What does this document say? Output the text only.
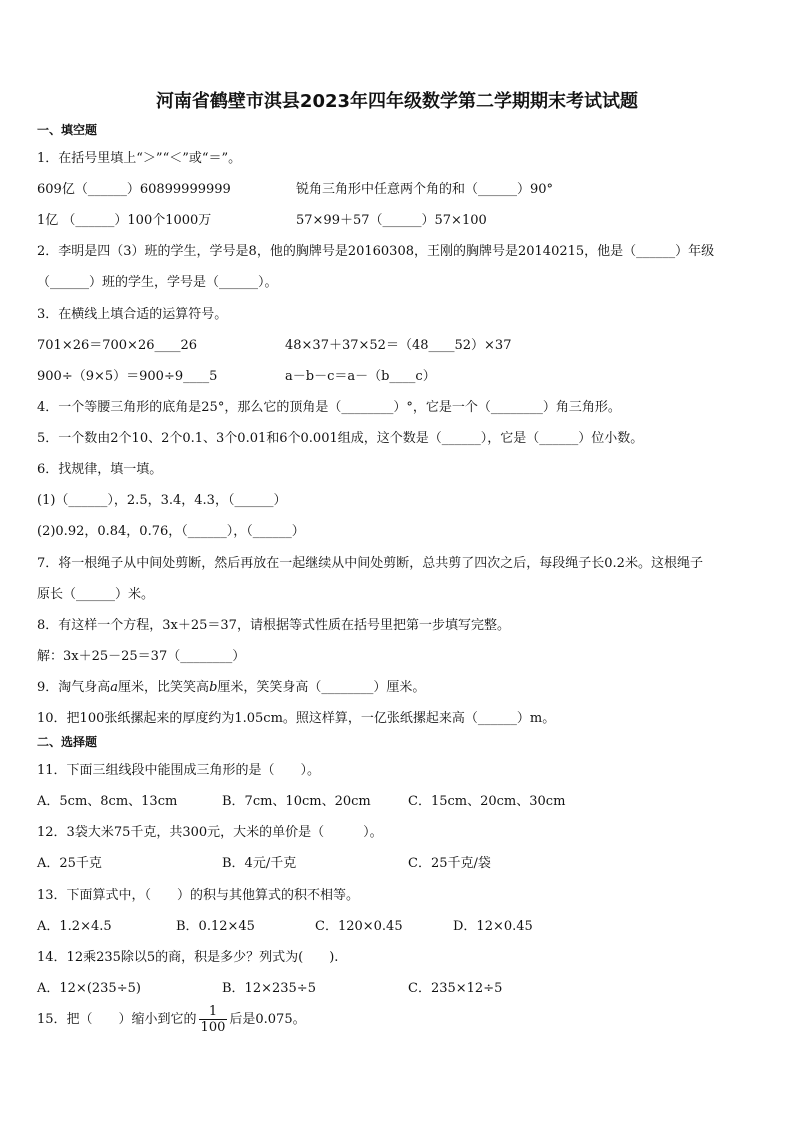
河南省鹤壁市淇县2023年四年级数学第二学期期末考试试题
一、填空题
1．在括号里填上“＞”“＜”或“＝”。
609亿（______）60899999999	锐角三角形中任意两个角的和（______）90°
1亿 （______）100个1000万	57×99＋57（______）57×100
2．李明是四（3）班的学生，学号是8，他的胸牌号是20160308，王刚的胸牌号是20140215，他是（______）年级
（______）班的学生，学号是（______）。
3．在横线上填合适的运算符号。
701×26＝700×26____26	48×37＋37×52＝（48____52）×37
900÷（9×5）＝900÷9____5	a－b－c＝a－（b____c）
4．一个等腰三角形的底角是25°，那么它的顶角是（________）°，它是一个（________）角三角形。
5．一个数由2个10、2个0.1、3个0.01和6个0.001组成，这个数是（______），它是（______）位小数。
6．找规律，填一填。
(1)（______），2.5，3.4，4.3，（______）
(2)0.92，0.84，0.76，（______），（______）
7．将一根绳子从中间处剪断，然后再放在一起继续从中间处剪断，总共剪了四次之后，每段绳子长0.2米。这根绳子
原长（______）米。
8．有这样一个方程，3x＋25＝37，请根据等式性质在括号里把第一步填写完整。
解：3x＋25－25＝37（________）
9．淘气身高a厘米，比笑笑高b厘米，笑笑身高（________）厘米。
10．把100张纸摞起来的厚度约为1.05cm。照这样算，一亿张纸摞起来高（______）m。
二、选择题
11．下面三组线段中能围成三角形的是（　　）。
A．5cm、8cm、13cm	B．7cm、10cm、20cm	C．15cm、20cm、30cm
12．3袋大米75千克，共300元，大米的单价是（　　　）。
A．25千克	B．4元/千克	C．25千克/袋
13．下面算式中，（　　）的积与其他算式的积不相等。
A．1.2×4.5	B．0.12×45	C．120×0.45	D．12×0.45
14．12乘235除以5的商，积是多少？列式为(　　).
A．12×(235÷5)	B．12×235÷5	C．235×12÷5
15．把（　　）缩小到它的 $\frac{1}{100}$ 后是0.075。
